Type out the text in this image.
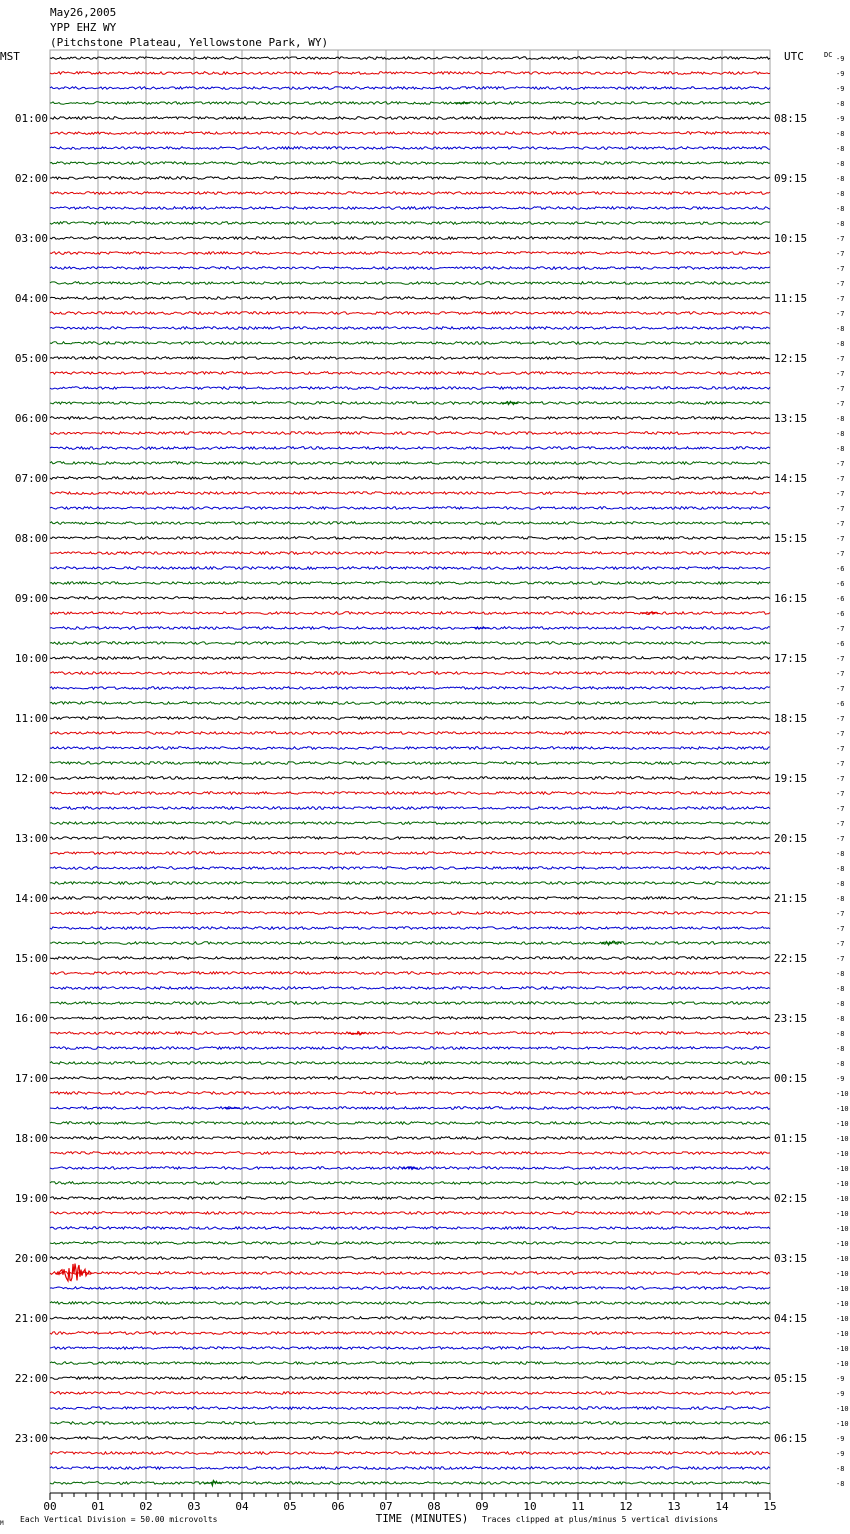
May26,2005
YPP EHZ WY
(Pitchstone Plateau, Yellowstone Park, WY)
MST	UTC	DC
01:00
02:00
03:00
04:00
05:00
06:00
07:00
08:00
09:00
10:00
11:00
12:00
13:00
14:00
15:00
16:00
17:00
18:00
19:00
20:00
21:00
22:00
23:00
08:15
09:15
10:15
11:15
12:15
13:15
14:15
15:15
16:15
17:15
18:15
19:15
20:15
21:15
22:15
23:15
00:15
01:15
02:15
03:15
04:15
05:15
06:15
-9
-9
-9
-8
-9
-8
-8
-8
-8
-8
-8
-8
-7
-7
-7
-7
-7
-7
-8
-8
-7
-7
-7
-7
-8
-8
-8
-7
-7
-7
-7
-7
-7
-7
-6
-6
-6
-6
-7
-6
-7
-7
-7
-6
-7
-7
-7
-7
-7
-7
-7
-7
-7
-8
-8
-8
-8
-7
-7
-7
-7
-8
-8
-8
-8
-8
-8
-8
-9
-10
-10
-10
-10
-10
-10
-10
-10
-10
-10
-10
-10
-10
-10
-10
-10
-10
-10
-10
-9
-9
-10
-10
-9
-9
-8
-8
00	01	02	03	04	05	06	07	08	09	10	11	12	13	14	15
TIME (MINUTES)
M Each Vertical Division = 50.00 microvolts	Traces clipped at plus/minus 5 vertical divisions
